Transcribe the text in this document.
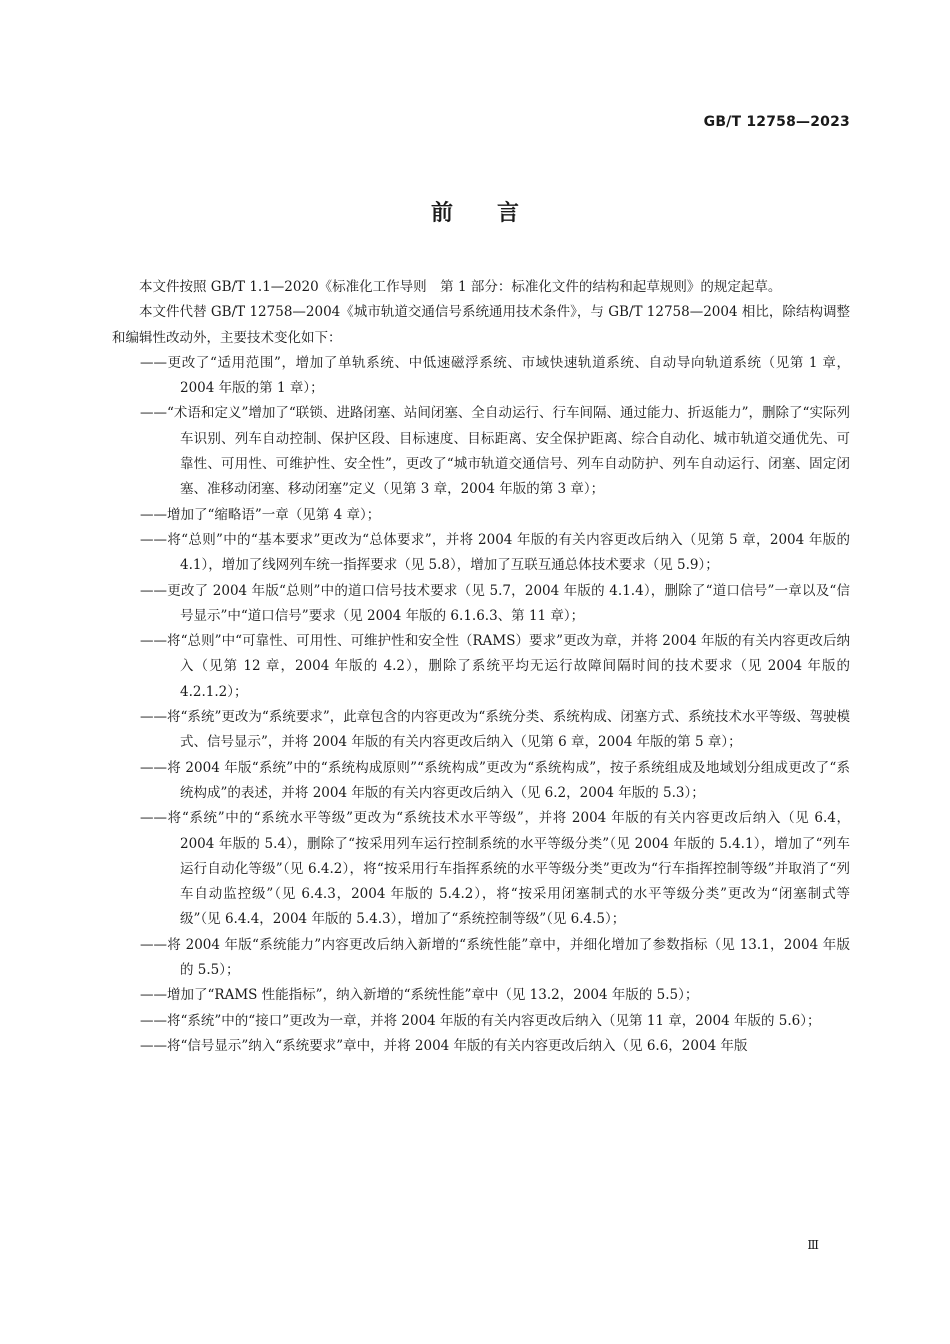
GB/T 12758—2023
前言

本文件按照 GB/T 1.1—2020《标准化工作导则　第 1 部分：标准化文件的结构和起草规则》的规定起草。

本文件代替 GB/T 12758—2004《城市轨道交通信号系统通用技术条件》，与 GB/T 12758—2004 相比，除结构调整和编辑性改动外，主要技术变化如下：

——更改了“适用范围”，增加了单轨系统、中低速磁浮系统、市域快速轨道系统、自动导向轨道系统（见第 1 章，2004 年版的第 1 章）；

——“术语和定义”增加了“联锁、进路闭塞、站间闭塞、全自动运行、行车间隔、通过能力、折返能力”，删除了“实际列车识别、列车自动控制、保护区段、目标速度、目标距离、安全保护距离、综合自动化、城市轨道交通优先、可靠性、可用性、可维护性、安全性”，更改了“城市轨道交通信号、列车自动防护、列车自动运行、闭塞、固定闭塞、准移动闭塞、移动闭塞”定义（见第 3 章，2004 年版的第 3 章）；

——增加了“缩略语”一章（见第 4 章）；

——将“总则”中的“基本要求”更改为“总体要求”，并将 2004 年版的有关内容更改后纳入（见第 5 章，2004 年版的 4.1），增加了线网列车统一指挥要求（见 5.8），增加了互联互通总体技术要求（见 5.9）；

——更改了 2004 年版“总则”中的道口信号技术要求（见 5.7，2004 年版的 4.1.4），删除了“道口信号”一章以及“信号显示”中“道口信号”要求（见 2004 年版的 6.1.6.3、第 11 章）；

——将“总则”中“可靠性、可用性、可维护性和安全性（RAMS）要求”更改为章，并将 2004 年版的有关内容更改后纳入（见第 12 章，2004 年版的 4.2），删除了系统平均无运行故障间隔时间的技术要求（见 2004 年版的 4.2.1.2）；

——将“系统”更改为“系统要求”，此章包含的内容更改为“系统分类、系统构成、闭塞方式、系统技术水平等级、驾驶模式、信号显示”，并将 2004 年版的有关内容更改后纳入（见第 6 章，2004 年版的第 5 章）；

——将 2004 年版“系统”中的“系统构成原则”“系统构成”更改为“系统构成”，按子系统组成及地域划分组成更改了“系统构成”的表述，并将 2004 年版的有关内容更改后纳入（见 6.2，2004 年版的 5.3）；

——将“系统”中的“系统水平等级”更改为“系统技术水平等级”，并将 2004 年版的有关内容更改后纳入（见 6.4，2004 年版的 5.4），删除了“按采用列车运行控制系统的水平等级分类”（见 2004 年版的 5.4.1），增加了“列车运行自动化等级”（见 6.4.2），将“按采用行车指挥系统的水平等级分类”更改为“行车指挥控制等级”并取消了“列车自动监控级”（见 6.4.3，2004 年版的 5.4.2），将“按采用闭塞制式的水平等级分类”更改为“闭塞制式等级”（见 6.4.4，2004 年版的 5.4.3），增加了“系统控制等级”（见 6.4.5）；

——将 2004 年版“系统能力”内容更改后纳入新增的“系统性能”章中，并细化增加了参数指标（见 13.1，2004 年版的 5.5）；

——增加了“RAMS 性能指标”，纳入新增的“系统性能”章中（见 13.2，2004 年版的 5.5）；

——将“系统”中的“接口”更改为一章，并将 2004 年版的有关内容更改后纳入（见第 11 章，2004 年版的 5.6）；

——将“信号显示”纳入“系统要求”章中，并将 2004 年版的有关内容更改后纳入（见 6.6，2004 年版

Ⅲ
